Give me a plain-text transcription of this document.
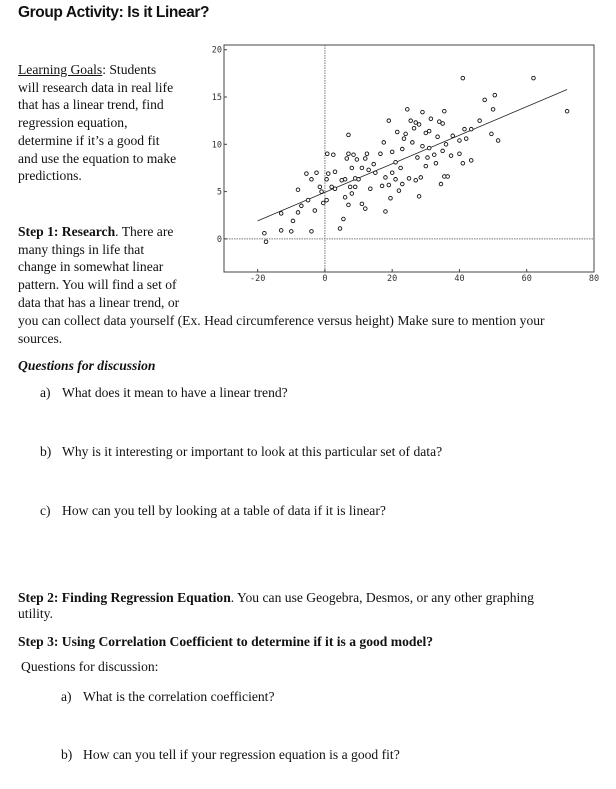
Group Activity: Is it Linear?
Learning Goals: Students
will research data in real life
that has a linear trend, find
regression equation,
determine if it’s a good fit
and use the equation to make
predictions.
Step 1: Research. There are
many things in life that
change in somewhat linear
pattern. You will find a set of
data that has a linear trend, or
you can collect data yourself (Ex. Head circumference versus height) Make sure to mention your
sources.
Questions for discussion
a) What does it mean to have a linear trend?
b) Why is it interesting or important to look at this particular set of data?
c) How can you tell by looking at a table of data if it is linear?
Step 2: Finding Regression Equation. You can use Geogebra, Desmos, or any other graphing
utility.
Step 3: Using Correlation Coefficient to determine if it is a good model?
Questions for discussion:
a) What is the correlation coefficient?
b) How can you tell if your regression equation is a good fit?
-20	0	20	40	60	80
0
5
10
15
20
